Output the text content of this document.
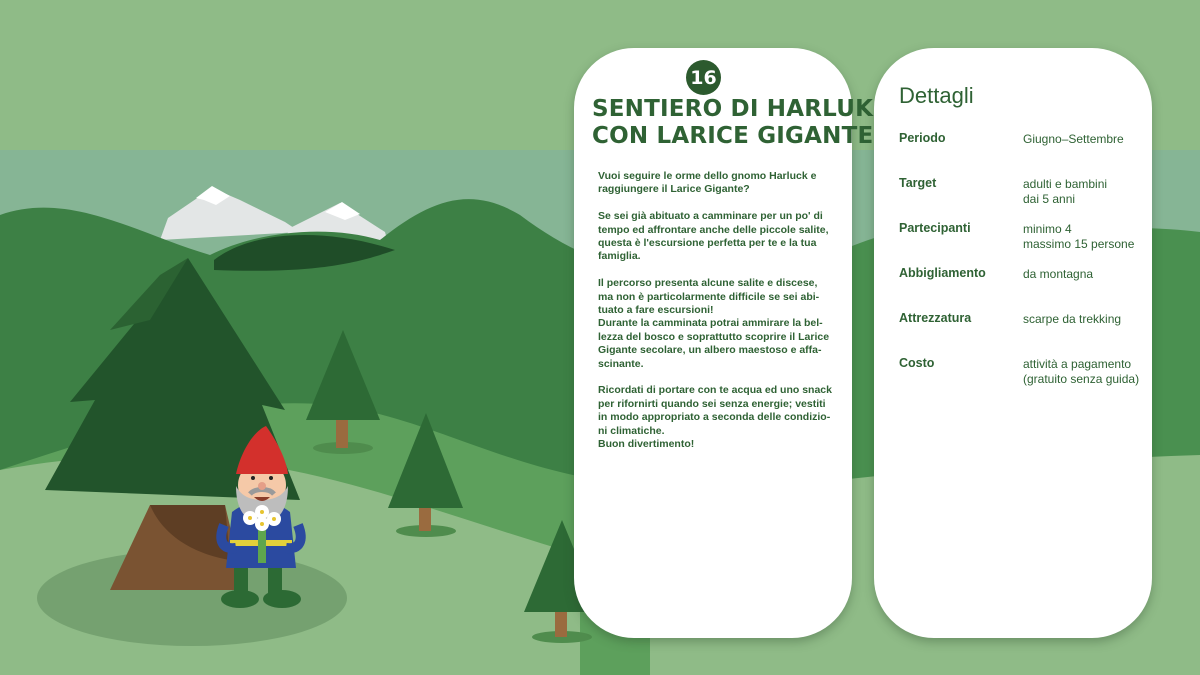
16
SENTIERO DI HARLUK
CON LARICE GIGANTE

Vuoi seguire le orme dello gnomo Harluck e
raggiungere il Larice Gigante?

Se sei già abituato a camminare per un po' di
tempo ed affrontare anche delle piccole salite,
questa è l'escursione perfetta per te e la tua
famiglia.

Il percorso presenta alcune salite e discese,
ma non è particolarmente difficile se sei abi-
tuato a fare escursioni!
Durante la camminata potrai ammirare la bel-
lezza del bosco e soprattutto scoprire il Larice
Gigante secolare, un albero maestoso e affa-
scinante.

Ricordati di portare con te acqua ed uno snack
per rifornirti quando sei senza energie; vestiti
in modo appropriato a seconda delle condizio-
ni climatiche.
Buon divertimento!

Dettagli
Periodo	Giugno–Settembre
Target	adulti e bambini
dai 5 anni
Partecipanti	minimo 4
massimo 15 persone
Abbigliamento	da montagna
Attrezzatura	scarpe da trekking
Costo	attività a pagamento
(gratuito senza guida)
